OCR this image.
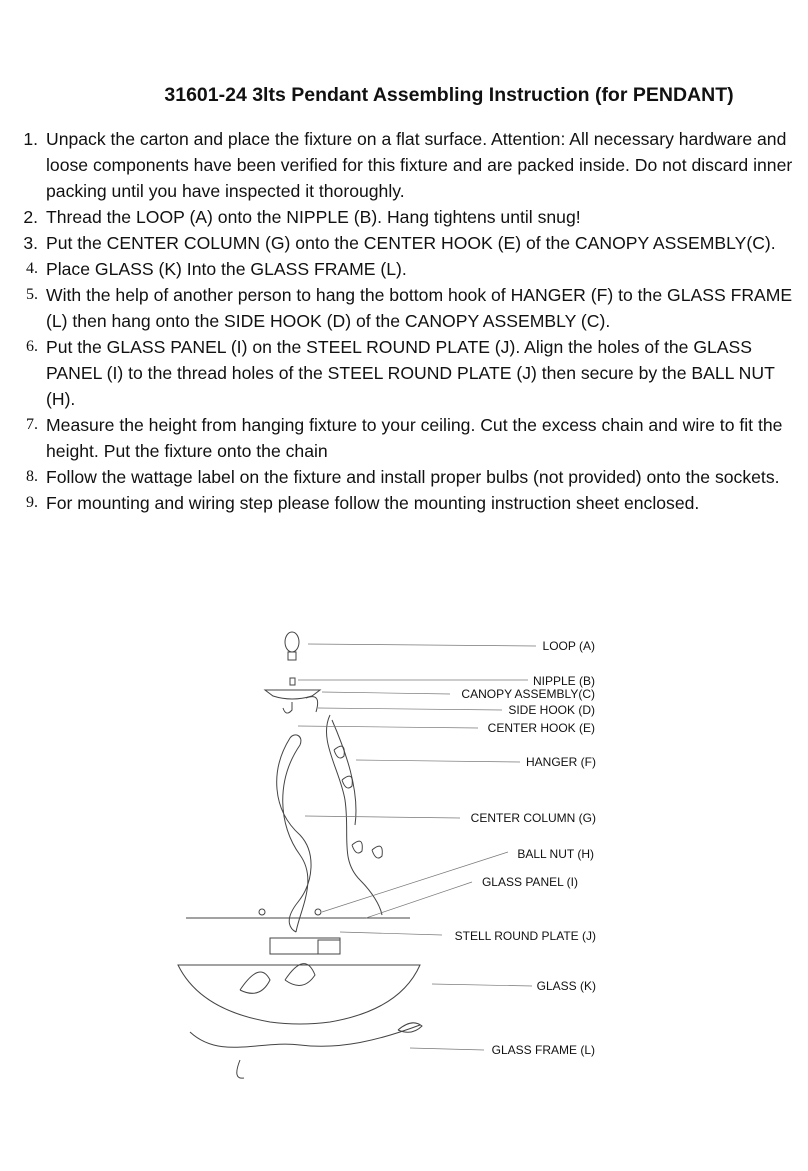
31601-24 3lts Pendant Assembling Instruction (for PENDANT)
1. Unpack the carton and place the fixture on a flat surface. Attention: All necessary hardware and loose components have been verified for this fixture and are packed inside. Do not discard inner packing until you have inspected it thoroughly.
2. Thread the LOOP (A) onto the NIPPLE (B). Hang tightens until snug!
3. Put the CENTER COLUMN (G) onto the CENTER HOOK (E) of the CANOPY ASSEMBLY(C).
4. Place GLASS (K) Into the GLASS FRAME (L).
5. With the help of another person to hang the bottom hook of HANGER (F) to the GLASS FRAME (L) then hang onto the SIDE HOOK (D) of the CANOPY ASSEMBLY (C).
6. Put the GLASS PANEL (I) on the STEEL ROUND PLATE (J). Align the holes of the GLASS PANEL (I) to the thread holes of the STEEL ROUND PLATE (J) then secure by the BALL NUT (H).
7. Measure the height from hanging fixture to your ceiling. Cut the excess chain and wire to fit the height. Put the fixture onto the chain
8. Follow the wattage label on the fixture and install proper bulbs (not provided) onto the sockets.
9. For mounting and wiring step please follow the mounting instruction sheet enclosed.
LOOP (A)
NIPPLE (B)
CANOPY ASSEMBLY(C)
SIDE HOOK (D)
CENTER HOOK (E)
HANGER (F)
CENTER COLUMN (G)
BALL NUT (H)
GLASS PANEL (I)
STELL ROUND PLATE (J)
GLASS (K)
GLASS FRAME (L)
